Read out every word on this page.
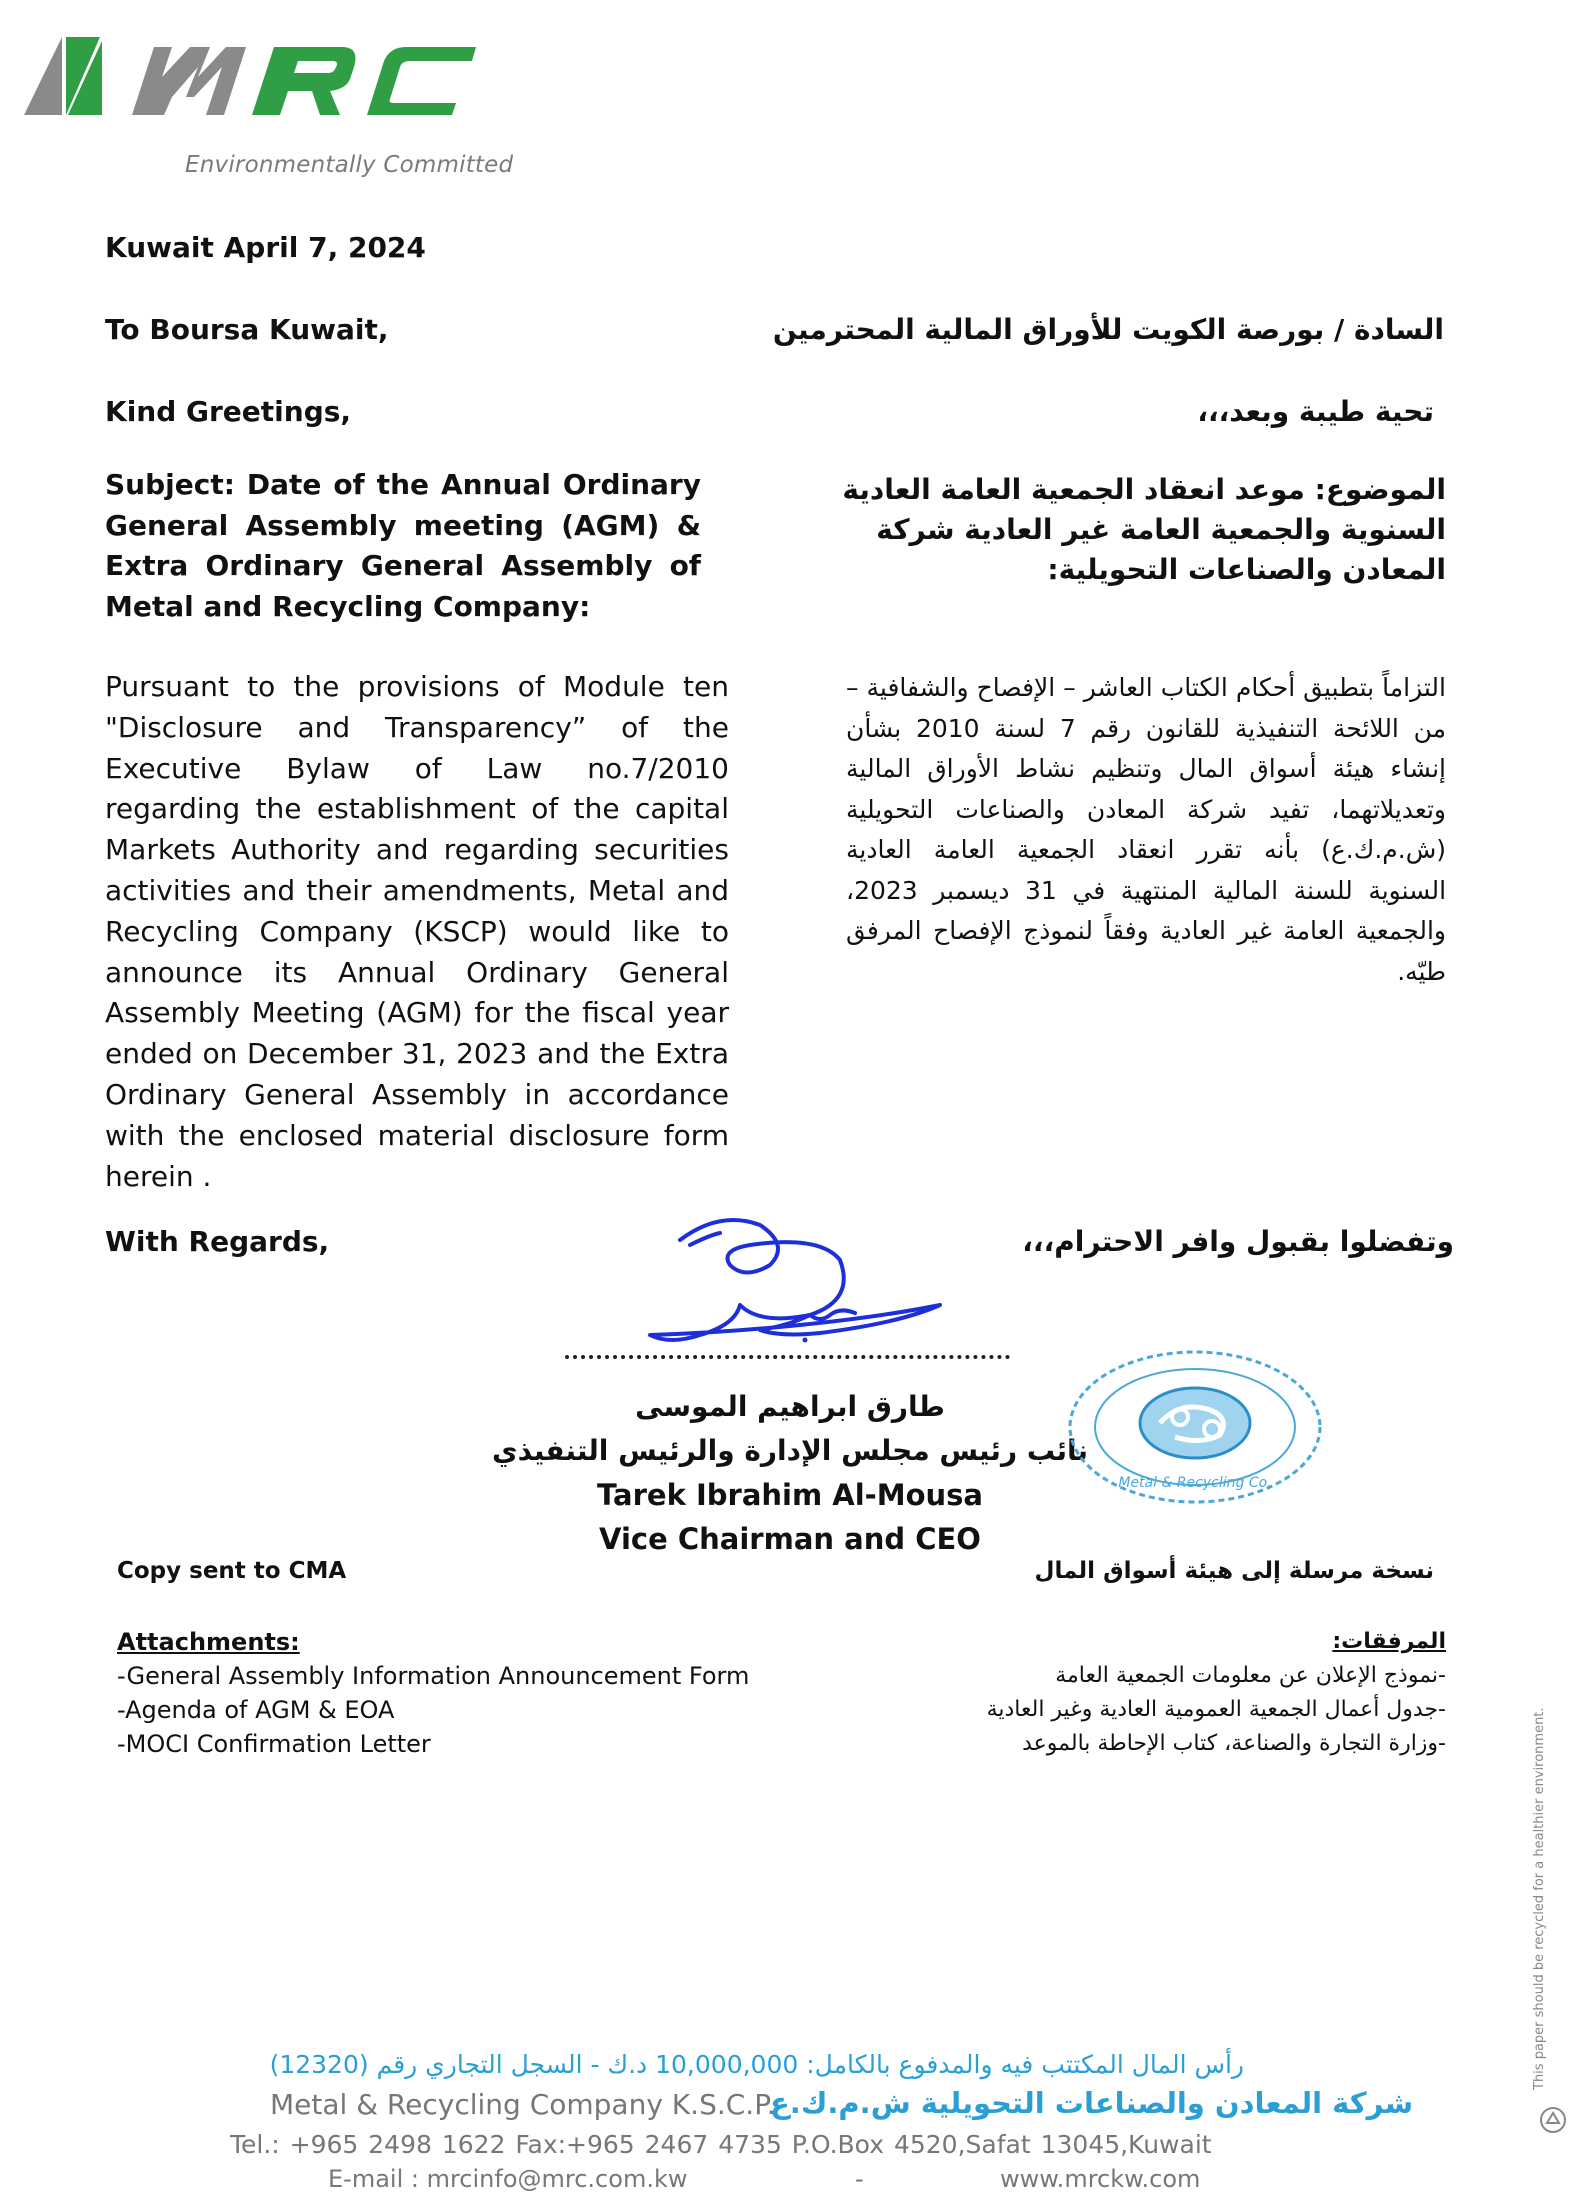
MRC
Environmentally Committed
Kuwait April 7, 2024
To Boursa Kuwait,	السادة / بورصة الكويت للأوراق المالية المحترمين
Kind Greetings,	تحية طيبة وبعد،،،
Subject: Date of the Annual Ordinary General Assembly meeting (AGM) & Extra Ordinary General Assembly of Metal and Recycling Company:
الموضوع: موعد انعقاد الجمعية العامة العادية السنوية والجمعية العامة غير العادية شركة المعادن والصناعات التحويلية:
Pursuant to the provisions of Module ten "Disclosure and Transparency” of the Executive Bylaw of Law no.7/2010 regarding the establishment of the capital Markets Authority and regarding securities activities and their amendments, Metal and Recycling Company (KSCP) would like to announce its Annual Ordinary General Assembly Meeting (AGM) for the fiscal year ended on December 31, 2023 and the Extra Ordinary General Assembly in accordance with the enclosed material disclosure form herein .
التزاماً بتطبيق أحكام الكتاب العاشر – الإفصاح والشفافية – من اللائحة التنفيذية للقانون رقم 7 لسنة 2010 بشأن إنشاء هيئة أسواق المال وتنظيم نشاط الأوراق المالية وتعديلاتهما، تفيد شركة المعادن والصناعات التحويلية (ش.م.ك.ع) بأنه تقرر انعقاد الجمعية العامة العادية السنوية للسنة المالية المنتهية في 31 ديسمبر 2023، والجمعية العامة غير العادية وفقاً لنموذج الإفصاح المرفق طيّه.
With Regards,	وتفضلوا بقبول وافر الاحترام،،،
طارق ابراهيم الموسى
نائب رئيس مجلس الإدارة والرئيس التنفيذي
Tarek Ibrahim Al-Mousa
Vice Chairman and CEO
Metal & Recycling Co.
Copy sent to CMA	نسخة مرسلة إلى هيئة أسواق المال
Attachments:
-General Assembly Information Announcement Form
-Agenda of AGM & EOA
-MOCI Confirmation Letter
المرفقات:
-نموذج الإعلان عن معلومات الجمعية العامة
-جدول أعمال الجمعية العمومية العادية وغير العادية
-وزارة التجارة والصناعة، كتاب الإحاطة بالموعد	This paper should be recycled for a healthier environment.
رأس المال المكتتب فيه والمدفوع بالكامل: 10,000,000 د.ك - السجل التجاري رقم (12320)
Metal & Recycling Company K.S.C.P.
شركة المعادن والصناعات التحويلية ش.م.ك.ع
Tel.: +965 2498 1622 Fax:+965 2467 4735 P.O.Box 4520,Safat 13045,Kuwait
E-mail : mrcinfo@mrc.com.kw	-	www.mrckw.com
